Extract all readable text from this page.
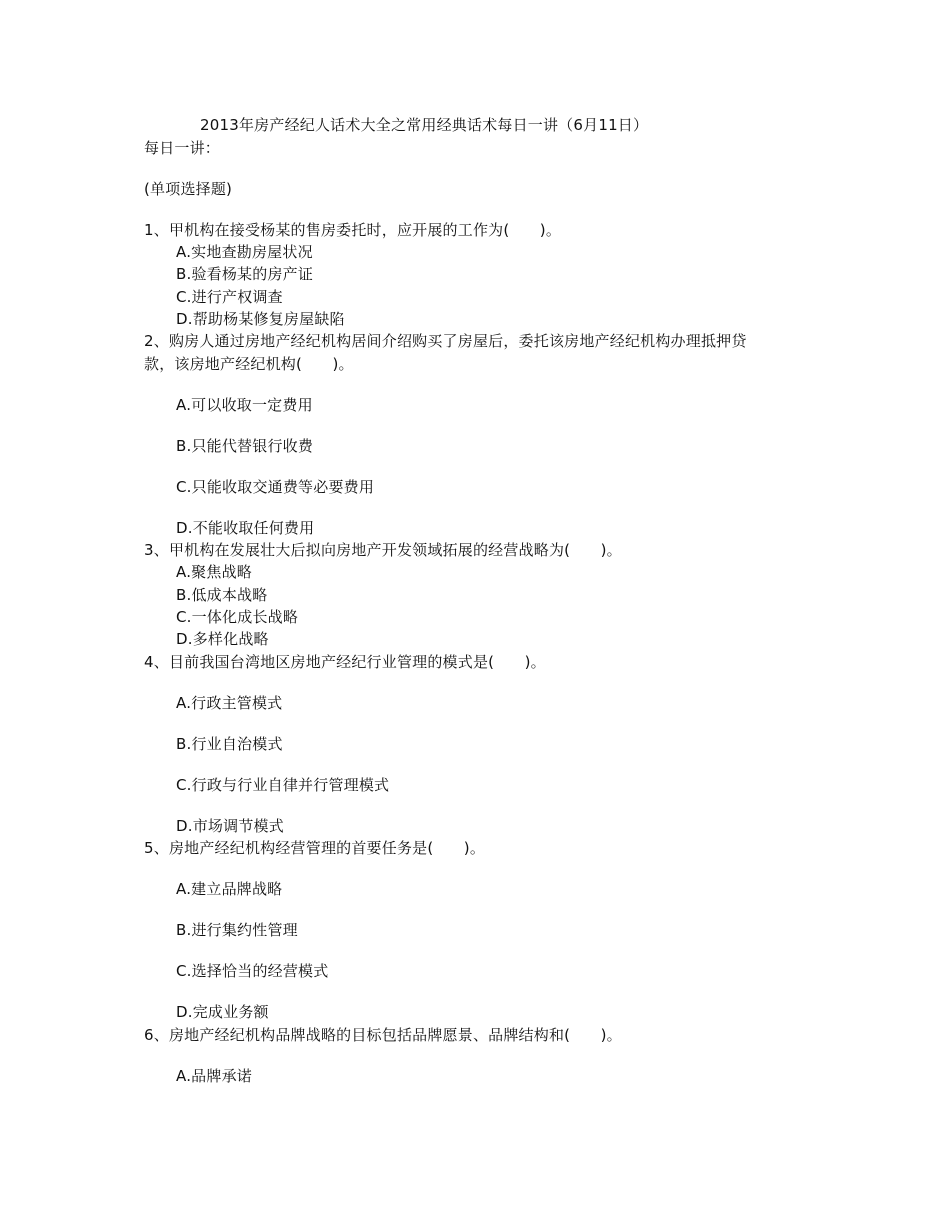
2013年房产经纪人话术大全之常用经典话术每日一讲（6月11日）
每日一讲：
(单项选择题)
1、甲机构在接受杨某的售房委托时，应开展的工作为(　　)。
A.实地查勘房屋状况
B.验看杨某的房产证
C.进行产权调查
D.帮助杨某修复房屋缺陷
2、购房人通过房地产经纪机构居间介绍购买了房屋后，委托该房地产经纪机构办理抵押贷
款，该房地产经纪机构(　　)。
A.可以收取一定费用
B.只能代替银行收费
C.只能收取交通费等必要费用
D.不能收取任何费用
3、甲机构在发展壮大后拟向房地产开发领域拓展的经营战略为(　　)。
A.聚焦战略
B.低成本战略
C.一体化成长战略
D.多样化战略
4、目前我国台湾地区房地产经纪行业管理的模式是(　　)。
A.行政主管模式
B.行业自治模式
C.行政与行业自律并行管理模式
D.市场调节模式
5、房地产经纪机构经营管理的首要任务是(　　)。
A.建立品牌战略
B.进行集约性管理
C.选择恰当的经营模式
D.完成业务额
6、房地产经纪机构品牌战略的目标包括品牌愿景、品牌结构和(　　)。
A.品牌承诺
